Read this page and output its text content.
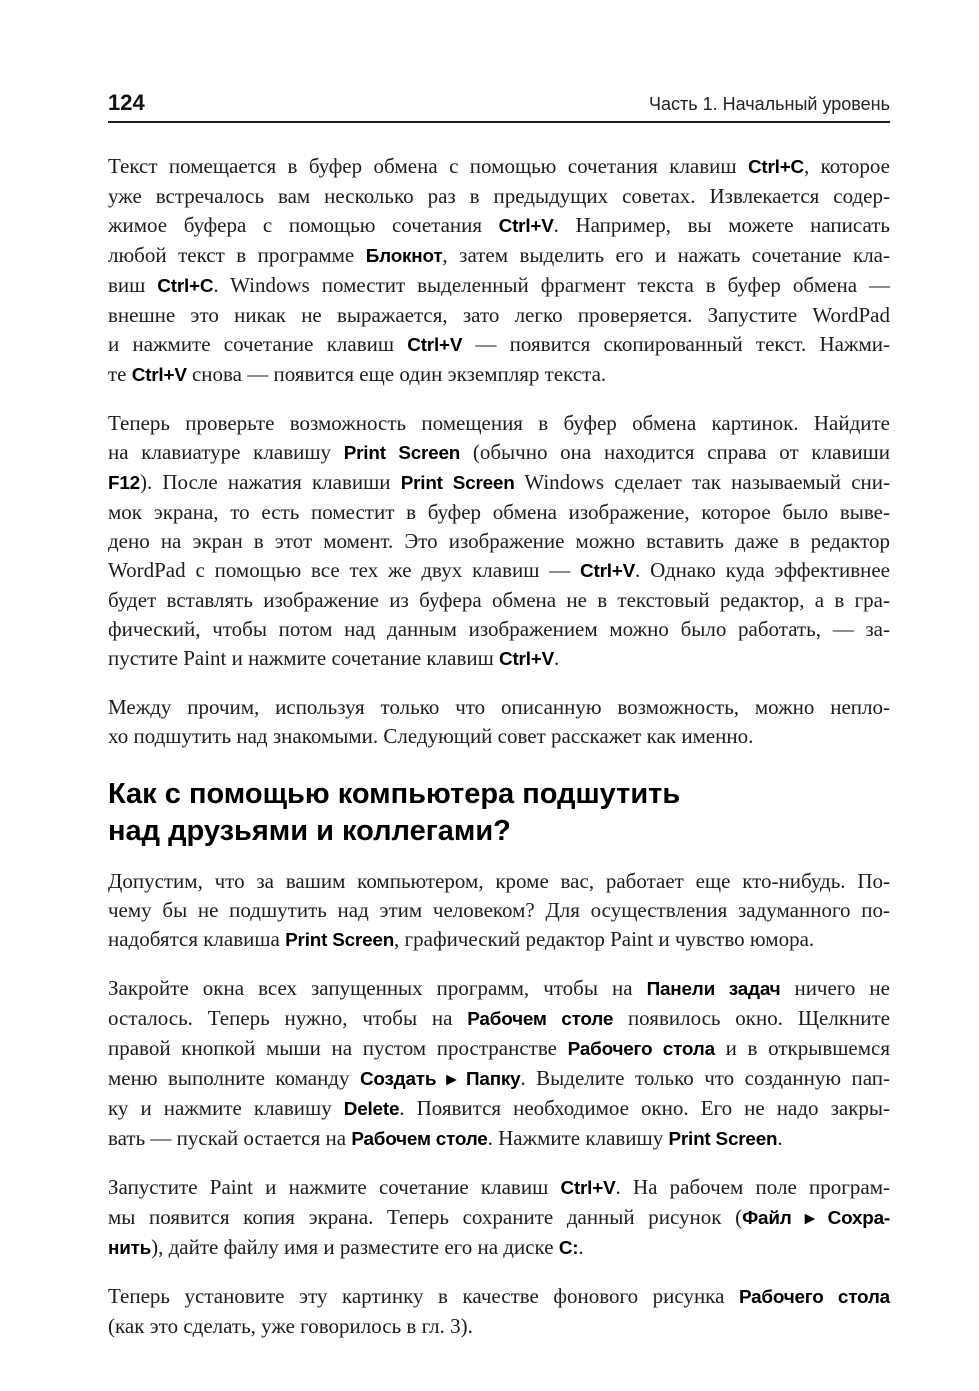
124	Часть 1. Начальный уровень
Текст помещается в буфер обмена с помощью сочетания клавиш Ctrl+C, которое
уже встречалось вам несколько раз в предыдущих советах. Извлекается содер-
жимое буфера с помощью сочетания Ctrl+V. Например, вы можете написать
любой текст в программе Блокнот, затем выделить его и нажать сочетание кла-
виш Ctrl+C. Windows поместит выделенный фрагмент текста в буфер обмена —
внешне это никак не выражается, зато легко проверяется. Запустите WordPad
и нажмите сочетание клавиш Ctrl+V — появится скопированный текст. Нажми-
те Ctrl+V снова — появится еще один экземпляр текста.
Теперь проверьте возможность помещения в буфер обмена картинок. Найдите
на клавиатуре клавишу Print Screen (обычно она находится справа от клавиши
F12). После нажатия клавиши Print Screen Windows сделает так называемый сни-
мок экрана, то есть поместит в буфер обмена изображение, которое было выве-
дено на экран в этот момент. Это изображение можно вставить даже в редактор
WordPad с помощью все тех же двух клавиш — Ctrl+V. Однако куда эффективнее
будет вставлять изображение из буфера обмена не в текстовый редактор, а в гра-
фический, чтобы потом над данным изображением можно было работать, — за-
пустите Paint и нажмите сочетание клавиш Ctrl+V.
Между прочим, используя только что описанную возможность, можно непло-
хо подшутить над знакомыми. Следующий совет расскажет как именно.
Как с помощью компьютера подшутить
над друзьями и коллегами?
Допустим, что за вашим компьютером, кроме вас, работает еще кто-нибудь. По-
чему бы не подшутить над этим человеком? Для осуществления задуманного по-
надобятся клавиша Print Screen, графический редактор Paint и чувство юмора.
Закройте окна всех запущенных программ, чтобы на Панели задач ничего не
осталось. Теперь нужно, чтобы на Рабочем столе появилось окно. Щелкните
правой кнопкой мыши на пустом пространстве Рабочего стола и в открывшемся
меню выполните команду Создать ▸ Папку. Выделите только что созданную пап-
ку и нажмите клавишу Delete. Появится необходимое окно. Его не надо закры-
вать — пускай остается на Рабочем столе. Нажмите клавишу Print Screen.
Запустите Paint и нажмите сочетание клавиш Ctrl+V. На рабочем поле програм-
мы появится копия экрана. Теперь сохраните данный рисунок (Файл ▸ Сохра-
нить), дайте файлу имя и разместите его на диске C:.
Теперь установите эту картинку в качестве фонового рисунка Рабочего стола
(как это сделать, уже говорилось в гл. 3).
